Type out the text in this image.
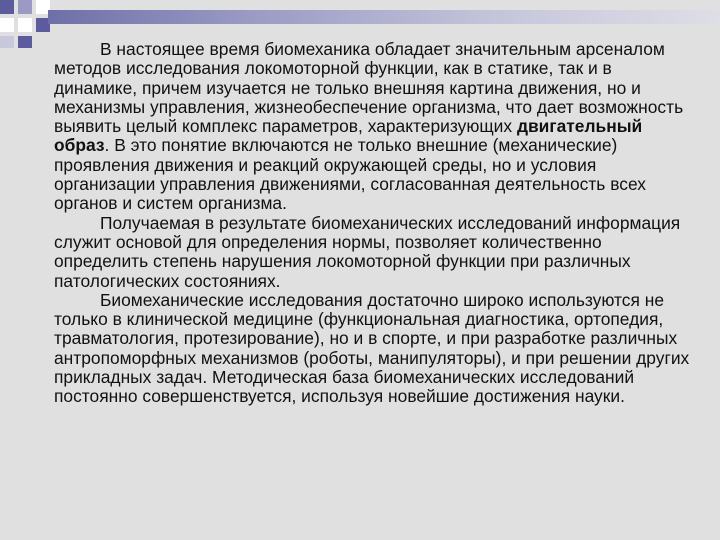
В настоящее время биомеханика обладает значительным арсеналом методов исследования локомоторной функции, как в статике, так и в динамике, причем изучается не только внешняя картина движения, но и механизмы управления, жизнеобеспечение организма, что дает возможность выявить целый комплекс параметров, характеризующих двигательный образ. В это понятие включаются не только внешние (механические) проявления движения и реакций окружающей среды, но и условия организации управления движениями, согласованная деятельность всех органов и систем организма.

Получаемая в результате биомеханических исследований информация служит основой для определения нормы, позволяет количественно определить степень нарушения локомоторной функции при различных патологических состояниях.

Биомеханические исследования достаточно широко используются не только в клинической медицине (функциональная диагностика, ортопедия, травматология, протезирование), но и в спорте, и при разработке различных антропоморфных механизмов (роботы, манипуляторы), и при решении других прикладных задач. Методическая база биомеханических исследований постоянно совершенствуется, используя новейшие достижения науки.
